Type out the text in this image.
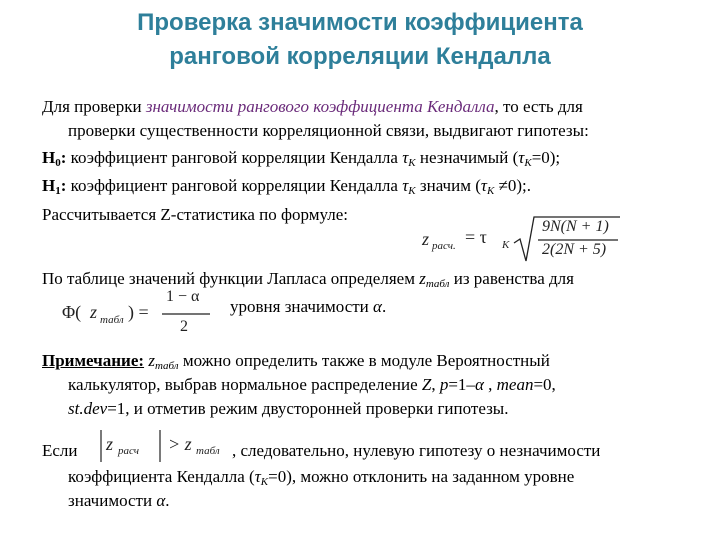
Проверка значимости коэффициента
ранговой корреляции Кендалла
Для проверки значимости рангового коэффициента Кендалла, то есть для
проверки существенности корреляционной связи, выдвигают гипотезы:
$H_0$: коэффициент ранговой корреляции Кендалла $\tau_K$ незначимый $(\tau_K=0)$;
$H_1$: коэффициент ранговой корреляции Кендалла $\tau_K$ значим $(\tau_K \ne 0)$;.
Рассчитывается Z-статистика по формуле:
z расч. = τ K
9N(N + 1)
2(2N + 5)
По таблице значений функции Лапласа определяем $z_{табл}$ из равенства для
уровня значимости α.
Φ( z табл ) =
1 − α
2
Примечание: $z_{табл}$ можно определить также в модуле Вероятностный
калькулятор, выбрав нормальное распределение Z, p=1–α , mean=0,
st.dev=1, и отметив режим двусторонней проверки гипотезы.
Если z расч > z табл , следовательно, нулевую гипотезу о незначимости
коэффициента Кендалла $(\tau_K=0)$, можно отклонить на заданном уровне
значимости α.
